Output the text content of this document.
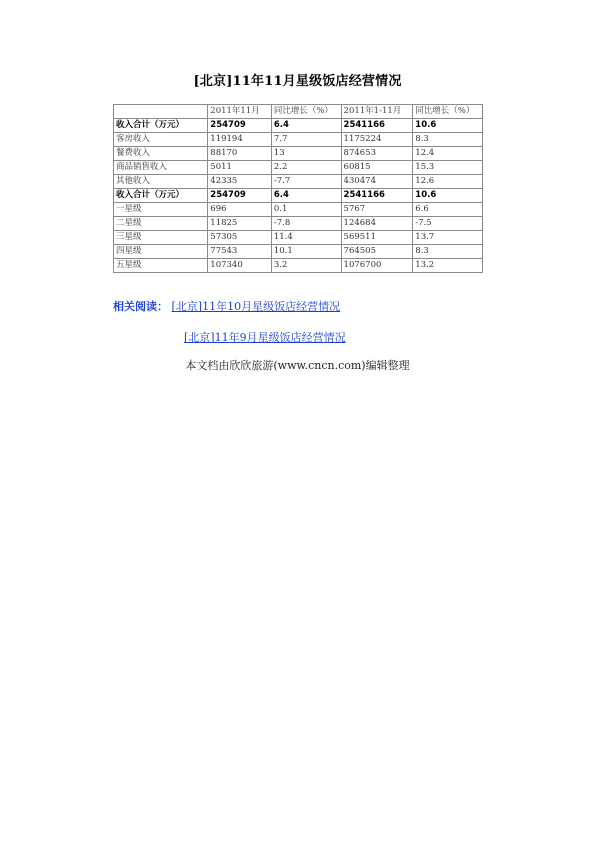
[北京]11年11月星级饭店经营情况
	2011年11月	同比增长（%）	2011年1-11月	同比增长（%）
收入合计（万元）	254709	6.4	2541166	10.6
客房收入	119194	7.7	1175224	8.3
餐费收入	88170	13	874653	12.4
商品销售收入	5011	2.2	60815	15.3
其他收入	42335	-7.7	430474	12.6
收入合计（万元）	254709	6.4	2541166	10.6
一星级	696	0.1	5767	6.6
二星级	11825	-7.8	124684	-7.5
三星级	57305	11.4	569511	13.7
四星级	77543	10.1	764505	8.3
五星级	107340	3.2	1076700	13.2
相关阅读： [北京]11年10月星级饭店经营情况
[北京]11年9月星级饭店经营情况
本文档由欣欣旅游(www.cncn.com)编辑整理
